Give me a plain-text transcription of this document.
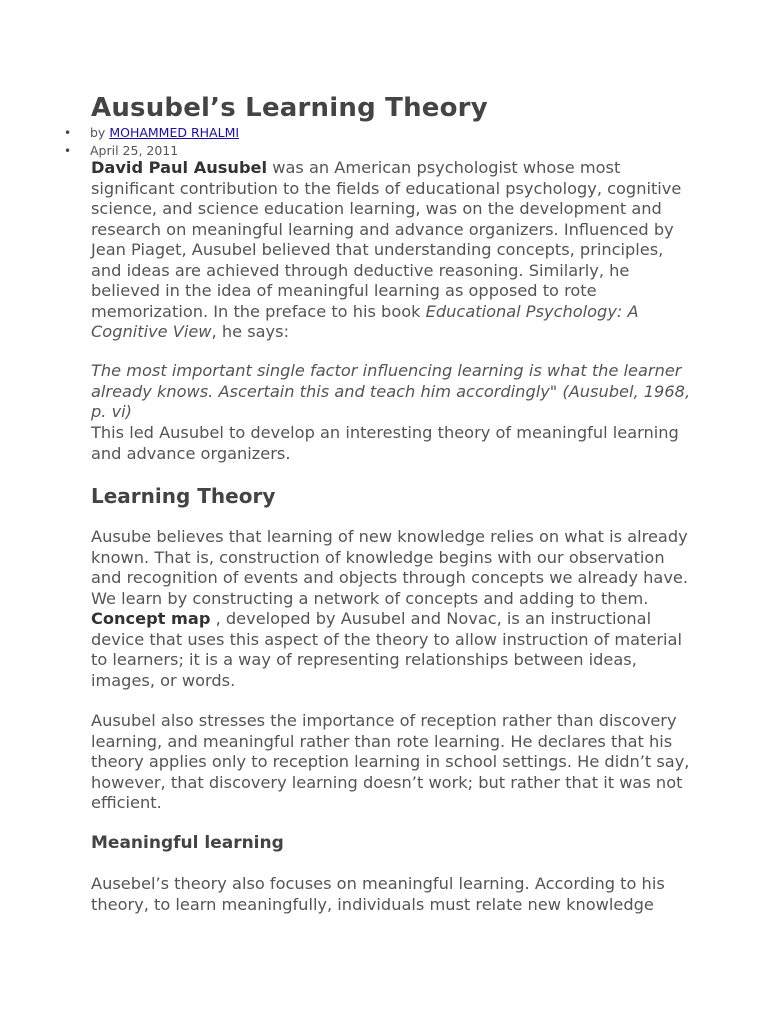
Ausubel’s Learning Theory
• by MOHAMMED RHALMI
• April 25, 2011

David Paul Ausubel was an American psychologist whose most significant contribution to the fields of educational psychology, cognitive science, and science education learning, was on the development and research on meaningful learning and advance organizers. Influenced by Jean Piaget, Ausubel believed that understanding concepts, principles, and ideas are achieved through deductive reasoning. Similarly, he believed in the idea of meaningful learning as opposed to rote memorization. In the preface to his book Educational Psychology: A Cognitive View, he says:

The most important single factor influencing learning is what the learner already knows. Ascertain this and teach him accordingly" (Ausubel, 1968, p. vi)

This led Ausubel to develop an interesting theory of meaningful learning and advance organizers.

Learning Theory

Ausube believes that learning of new knowledge relies on what is already known. That is, construction of knowledge begins with our observation and recognition of events and objects through concepts we already have. We learn by constructing a network of concepts and adding to them. Concept map , developed by Ausubel and Novac, is an instructional device that uses this aspect of the theory to allow instruction of material to learners; it is a way of representing relationships between ideas, images, or words.

Ausubel also stresses the importance of reception rather than discovery learning, and meaningful rather than rote learning. He declares that his theory applies only to reception learning in school settings. He didn’t say, however, that discovery learning doesn’t work; but rather that it was not efficient.

Meaningful learning

Ausebel’s theory also focuses on meaningful learning. According to his theory, to learn meaningfully, individuals must relate new knowledge
